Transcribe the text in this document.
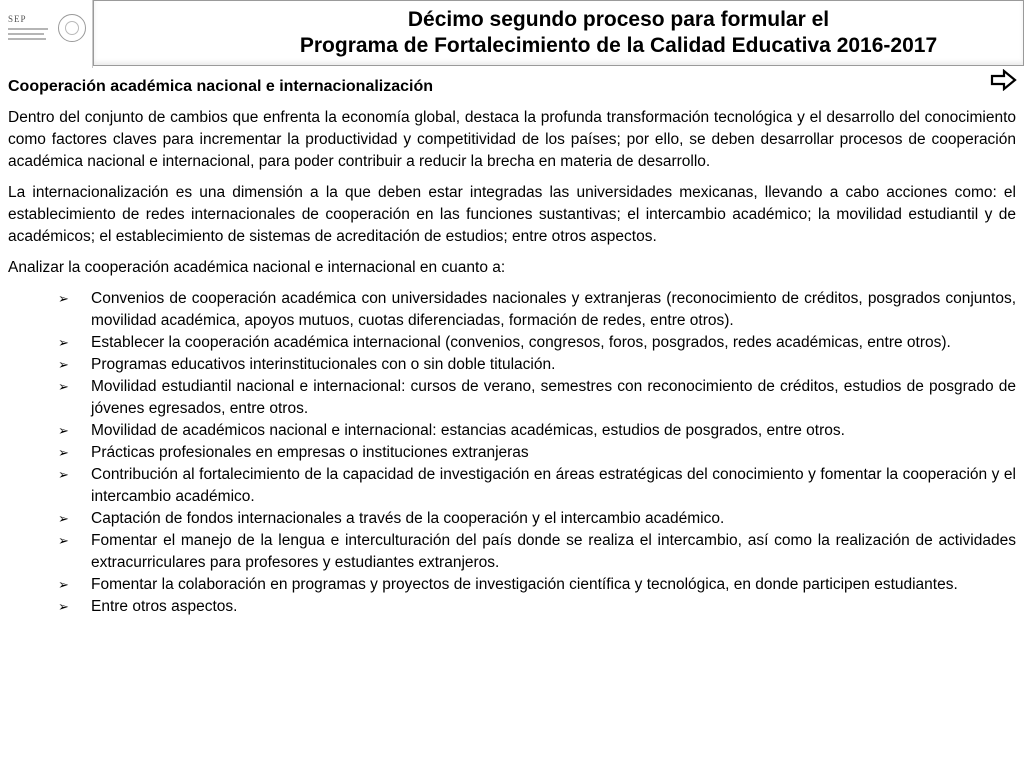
SEP	Décimo segundo proceso para formular el
Programa de Fortalecimiento de la Calidad Educativa 2016-2017
Cooperación académica nacional e internacionalización
Dentro del conjunto de cambios que enfrenta la economía global, destaca la profunda transformación tecnológica y el desarrollo del conocimiento como factores claves para incrementar la productividad y competitividad de los países; por ello, se deben desarrollar procesos de cooperación académica nacional e internacional, para poder contribuir a reducir la brecha en materia de desarrollo.
La internacionalización es una dimensión a la que deben estar integradas las universidades mexicanas, llevando a cabo acciones como: el establecimiento de redes internacionales de cooperación en las funciones sustantivas; el intercambio académico; la movilidad estudiantil y de académicos; el establecimiento de sistemas de acreditación de estudios; entre otros aspectos.
Analizar la cooperación académica nacional e internacional en cuanto a:
➢ Convenios de cooperación académica con universidades nacionales y extranjeras (reconocimiento de créditos, posgrados conjuntos, movilidad académica, apoyos mutuos, cuotas diferenciadas, formación de redes, entre otros).
➢ Establecer la cooperación académica internacional (convenios, congresos, foros, posgrados, redes académicas, entre otros).
➢ Programas educativos interinstitucionales con o sin doble titulación.
➢ Movilidad estudiantil nacional e internacional: cursos de verano, semestres con reconocimiento de créditos, estudios de posgrado de jóvenes egresados, entre otros.
➢ Movilidad de académicos nacional e internacional: estancias académicas, estudios de posgrados, entre otros.
➢ Prácticas profesionales en empresas o instituciones extranjeras
➢ Contribución al fortalecimiento de la capacidad de investigación en áreas estratégicas del conocimiento y fomentar la cooperación y el intercambio académico.
➢ Captación de fondos internacionales a través de la cooperación y el intercambio académico.
➢ Fomentar el manejo de la lengua e interculturación del país donde se realiza el intercambio, así como la realización de actividades extracurriculares para profesores y estudiantes extranjeros.
➢ Fomentar la colaboración en programas y proyectos de investigación científica y tecnológica, en donde participen estudiantes.
➢ Entre otros aspectos.
